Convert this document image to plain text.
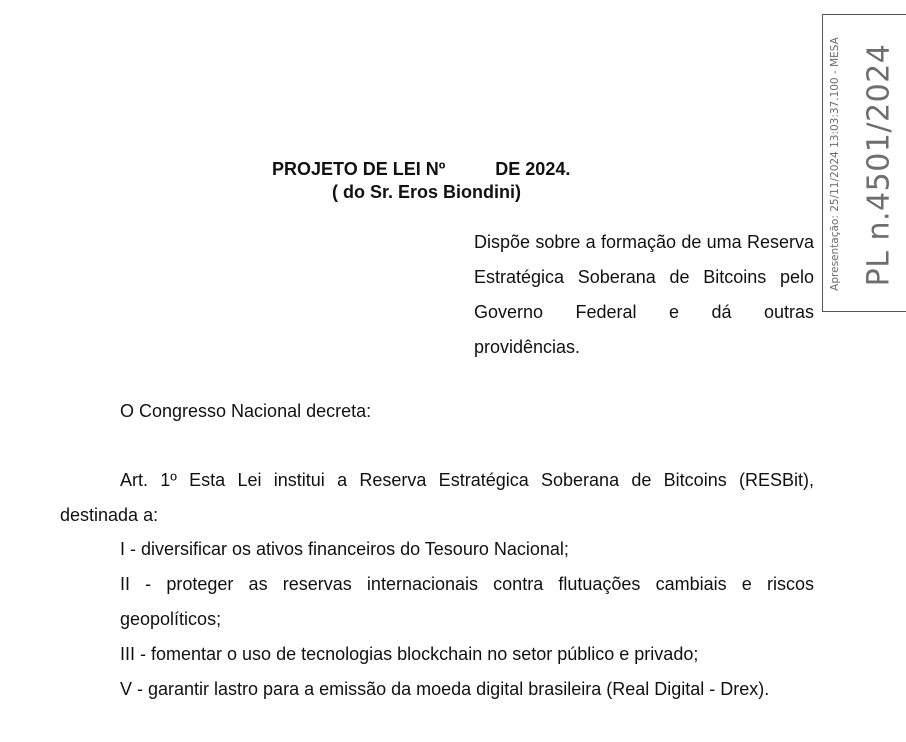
Apresentação: 25/11/2024 13:03:37.100 - MESA PL n.4501/2024
PROJETO DE LEI Nº          DE 2024.
( do Sr. Eros Biondini)
Dispõe sobre a formação de uma Reserva Estratégica Soberana de Bitcoins pelo Governo Federal e dá outras providências.
O Congresso Nacional decreta:
Art. 1º Esta Lei institui a Reserva Estratégica Soberana de Bitcoins (RESBit), destinada a:
I - diversificar os ativos financeiros do Tesouro Nacional;
II - proteger as reservas internacionais contra flutuações cambiais e riscos geopolíticos;
III - fomentar o uso de tecnologias blockchain no setor público e privado;
V - garantir lastro para a emissão da moeda digital brasileira (Real Digital - Drex).
